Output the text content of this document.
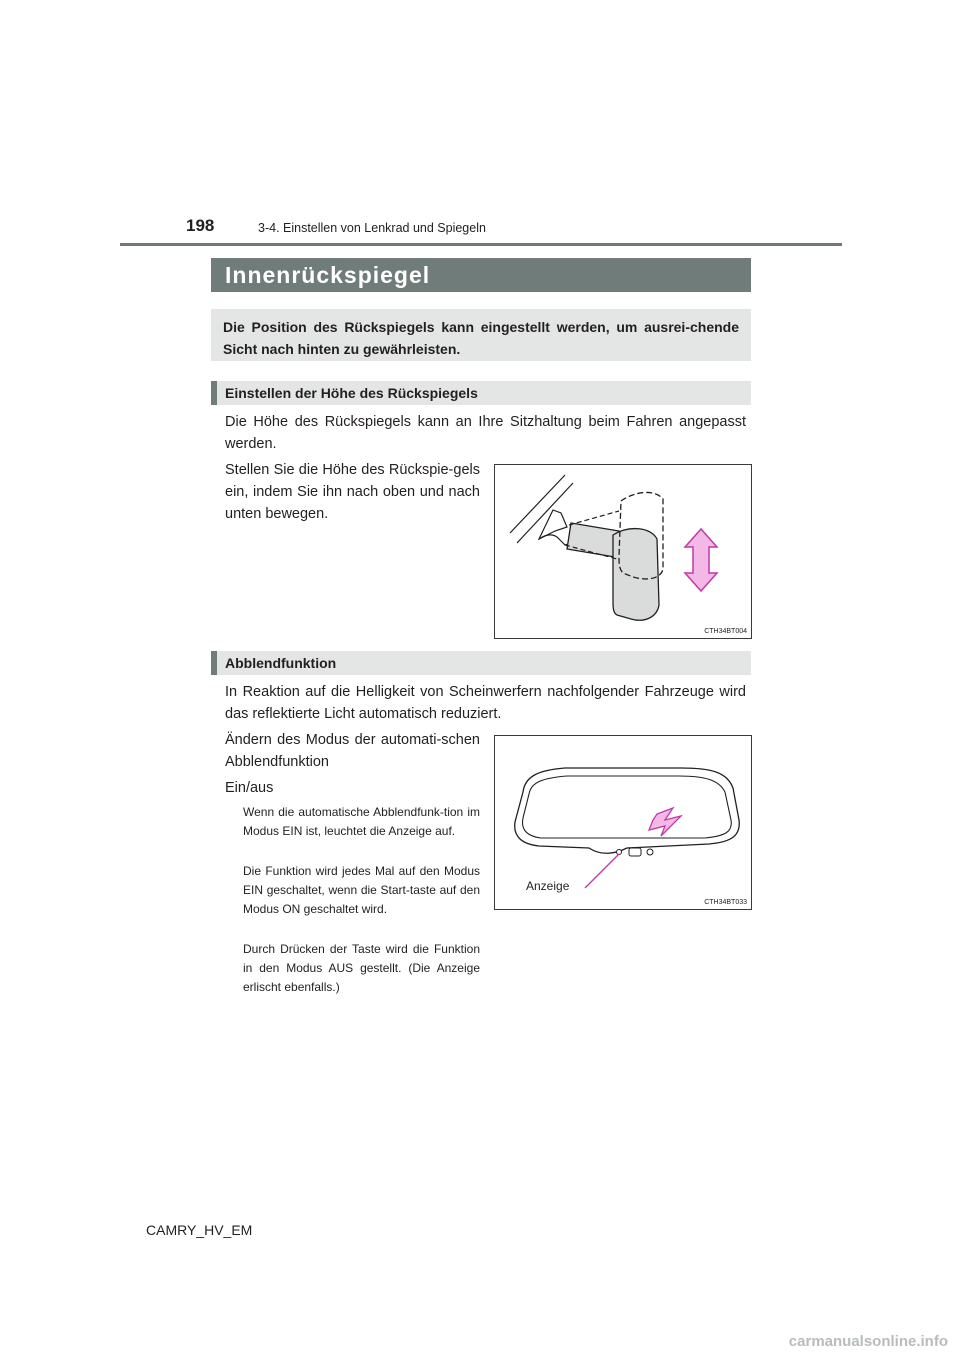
198	3-4. Einstellen von Lenkrad und Spiegeln
Innenrückspiegel
Die Position des Rückspiegels kann eingestellt werden, um ausrei-chende Sicht nach hinten zu gewährleisten.
Einstellen der Höhe des Rückspiegels
Die Höhe des Rückspiegels kann an Ihre Sitzhaltung beim Fahren angepasst werden.
Stellen Sie die Höhe des Rückspie-gels ein, indem Sie ihn nach oben und nach unten bewegen.
CTH34BT004
Abblendfunktion
In Reaktion auf die Helligkeit von Scheinwerfern nachfolgender Fahrzeuge wird das reflektierte Licht automatisch reduziert.
Ändern des Modus der automati-schen Abblendfunktion
Ein/aus
Wenn die automatische Abblendfunk-tion im Modus EIN ist, leuchtet die Anzeige auf.
Die Funktion wird jedes Mal auf den Modus EIN geschaltet, wenn die Start-taste auf den Modus ON geschaltet wird.
Durch Drücken der Taste wird die Funktion in den Modus AUS gestellt. (Die Anzeige erlischt ebenfalls.)
Anzeige
CTH34BT033
CAMRY_HV_EM
carmanualsonline.info
